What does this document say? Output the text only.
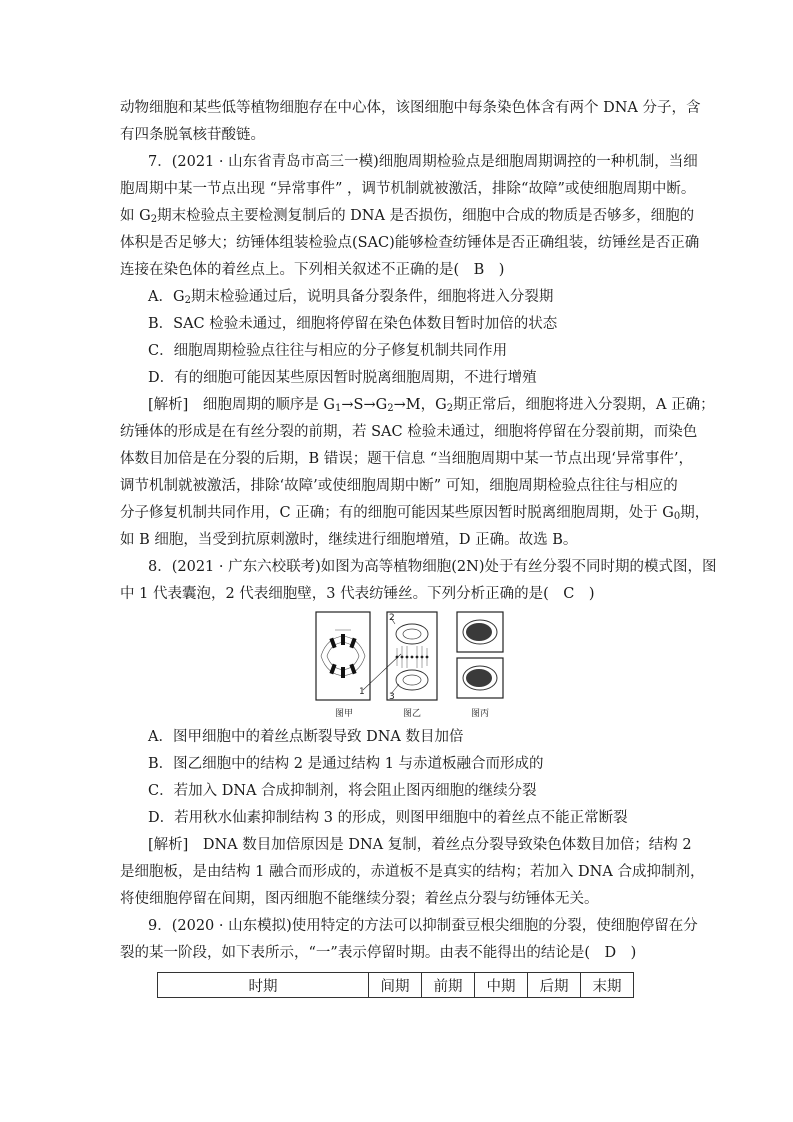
动物细胞和某些低等植物细胞存在中心体，该图细胞中每条染色体含有两个 DNA 分子，含
有四条脱氧核苷酸链。
7．(2021 · 山东省青岛市高三一模)细胞周期检验点是细胞周期调控的一种机制，当细
胞周期中某一节点出现 “异常事件” ，调节机制就被激活，排除“故障”或使细胞周期中断。
如 $G_2$期末检验点主要检测复制后的 DNA 是否损伤，细胞中合成的物质是否够多，细胞的
体积是否足够大；纺锤体组装检验点(SAC)能够检查纺锤体是否正确组装，纺锤丝是否正确
连接在染色体的着丝点上。下列相关叙述不正确的是(　B　)
A．$G_2$期末检验通过后，说明具备分裂条件，细胞将进入分裂期
B．SAC 检验未通过，细胞将停留在染色体数目暂时加倍的状态
C．细胞周期检验点往往与相应的分子修复机制共同作用
D．有的细胞可能因某些原因暂时脱离细胞周期，不进行增殖
[解析]　细胞周期的顺序是 $G_1\to S\to G_2\to M$，$G_2$期正常后，细胞将进入分裂期，A 正确；
纺锤体的形成是在有丝分裂的前期，若 SAC 检验未通过，细胞将停留在分裂前期，而染色
体数目加倍是在分裂的后期，B 错误；题干信息 “当细胞周期中某一节点出现‘异常事件’，
调节机制就被激活，排除‘故障’或使细胞周期中断” 可知，细胞周期检验点往往与相应的
分子修复机制共同作用，C 正确；有的细胞可能因某些原因暂时脱离细胞周期，处于 $G_0$期，
如 B 细胞，当受到抗原刺激时，继续进行细胞增殖，D 正确。故选 B。
8．(2021 · 广东六校联考)如图为高等植物细胞(2N)处于有丝分裂不同时期的模式图，图
中 1 代表囊泡，2 代表细胞壁，3 代表纺锤丝。下列分析正确的是(　C　)
2
1	3
图甲	图乙	图丙
A．图甲细胞中的着丝点断裂导致 DNA 数目加倍
B．图乙细胞中的结构 2 是通过结构 1 与赤道板融合而形成的
C．若加入 DNA 合成抑制剂，将会阻止图丙细胞的继续分裂
D．若用秋水仙素抑制结构 3 的形成，则图甲细胞中的着丝点不能正常断裂
[解析]　DNA 数目加倍原因是 DNA 复制，着丝点分裂导致染色体数目加倍；结构 2
是细胞板，是由结构 1 融合而形成的，赤道板不是真实的结构；若加入 DNA 合成抑制剂，
将使细胞停留在间期，图丙细胞不能继续分裂；着丝点分裂与纺锤体无关。
9．(2020 · 山东模拟)使用特定的方法可以抑制蚕豆根尖细胞的分裂，使细胞停留在分
裂的某一阶段，如下表所示，“一”表示停留时期。由表不能得出的结论是(　D　)
时期	间期	前期	中期	后期	末期
